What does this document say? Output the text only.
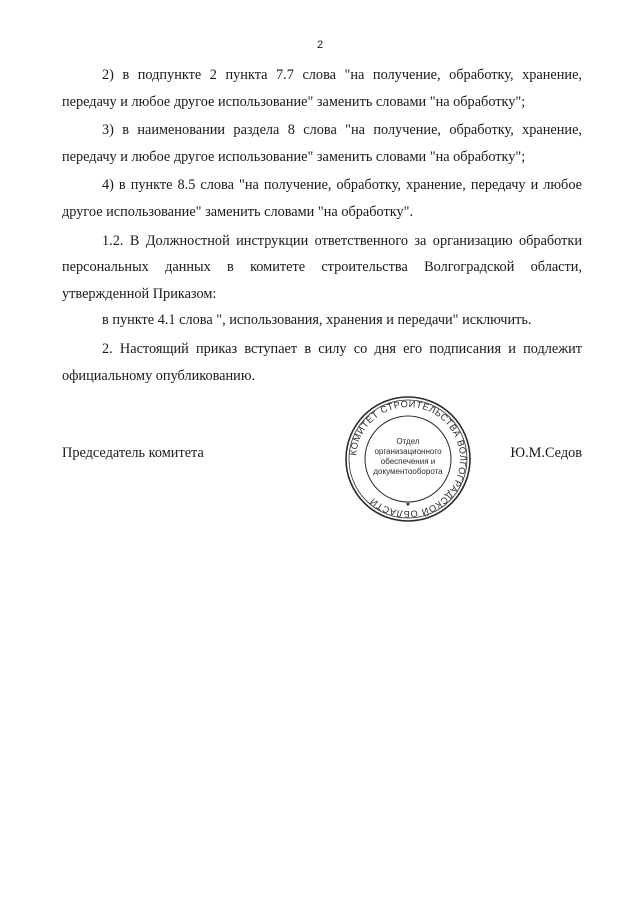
2

2) в подпункте 2 пункта 7.7 слова "на получение, обработку, хранение, передачу и любое другое использование" заменить словами "на обработку";

3) в наименовании раздела 8 слова "на получение, обработку, хранение, передачу и любое другое использование" заменить словами "на обработку";

4) в пункте 8.5 слова "на получение, обработку, хранение, передачу и любое другое использование" заменить словами "на обработку".

1.2. В Должностной инструкции ответственного за организацию обработки персональных данных в комитете строительства Волгоградской области, утвержденной Приказом:

в пункте 4.1 слова ", использования, хранения и передачи" исключить.

2. Настоящий приказ вступает в силу со дня его подписания и подлежит официальному опубликованию.

КОМИТЕТ СТРОИТЕЛЬСТВА ВОЛГОГРАДСКОЙ ОБЛАСТИ
Отдел
организационного
обеспечения и
документооборота
✱
Председатель комитета	Ю.М.Седов
